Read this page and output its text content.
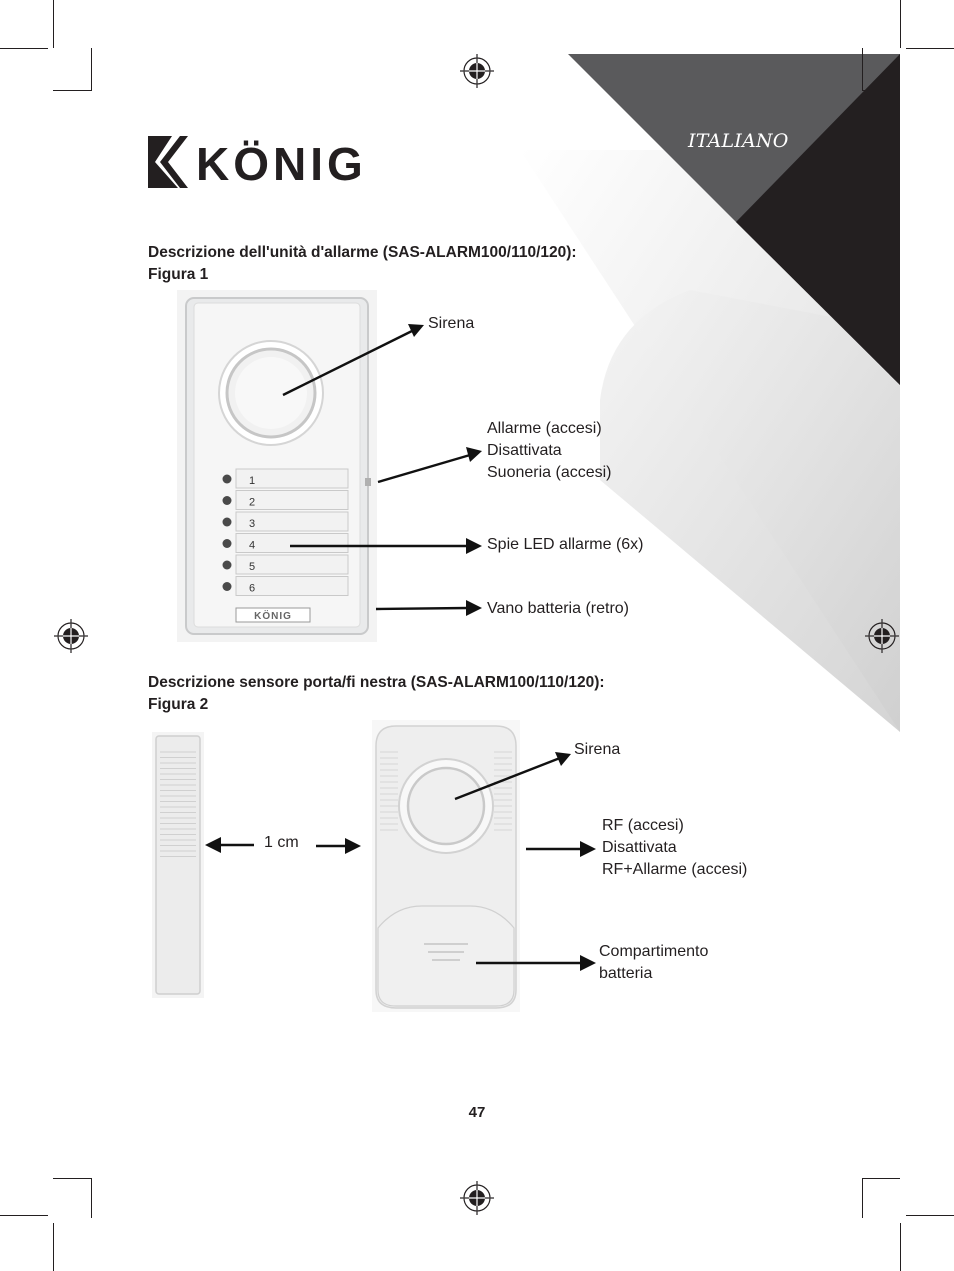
KÖNIG	ITALIANO
Descrizione dell'unità d'allarme (SAS-ALARM100/110/120):
Figura 1
1
2
3
4
5
6
KÖNIG
Sirena
Allarme (accesi)
Disattivata
Suoneria (accesi)
Spie LED allarme (6x)
Vano batteria (retro)
Descrizione sensore porta/fi nestra (SAS-ALARM100/110/120):
Figura 2
1 cm
Sirena
RF (accesi)
Disattivata
RF+Allarme (accesi)
Compartimento
batteria
47
